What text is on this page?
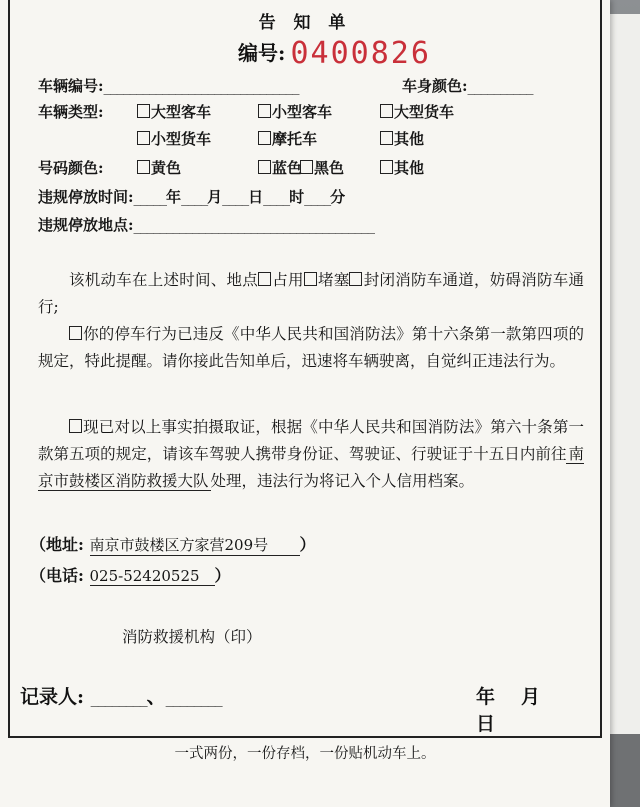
告 知 单
编号: 0400826
车辆编号:______________________________	车身颜色:__________
车辆类型:	大型客车	小型客车	大型货车
小型货车	摩托车	其他
号码颜色:	黄色	蓝色 黑色	其他
违规停放时间:_____年____月____日____时____分
违规停放地点:_____________________________________
该机动车在上述时间、地点 占用 堵塞 封闭消防车通道，妨碍消防车通行;
你的停车行为已违反《中华人民共和国消防法》第十六条第一款第四项的规定，特此提醒。请你接此告知单后，迅速将车辆驶离，自觉纠正违法行为。
现已对以上事实拍摄取证，根据《中华人民共和国消防法》第六十条第一款第五项的规定，请该车驾驶人携带身份证、驾驶证、行驶证于十五日内前往 南京市鼓楼区消防救援大队 处理，违法行为将记入个人信用档案。
（地址: 南京市鼓楼区方家营209号 ）
（电话: 025-52420525 ）
消防救援机构（印）
记录人: ________、________	年 月日
一式两份，一份存档，一份贴机动车上。
